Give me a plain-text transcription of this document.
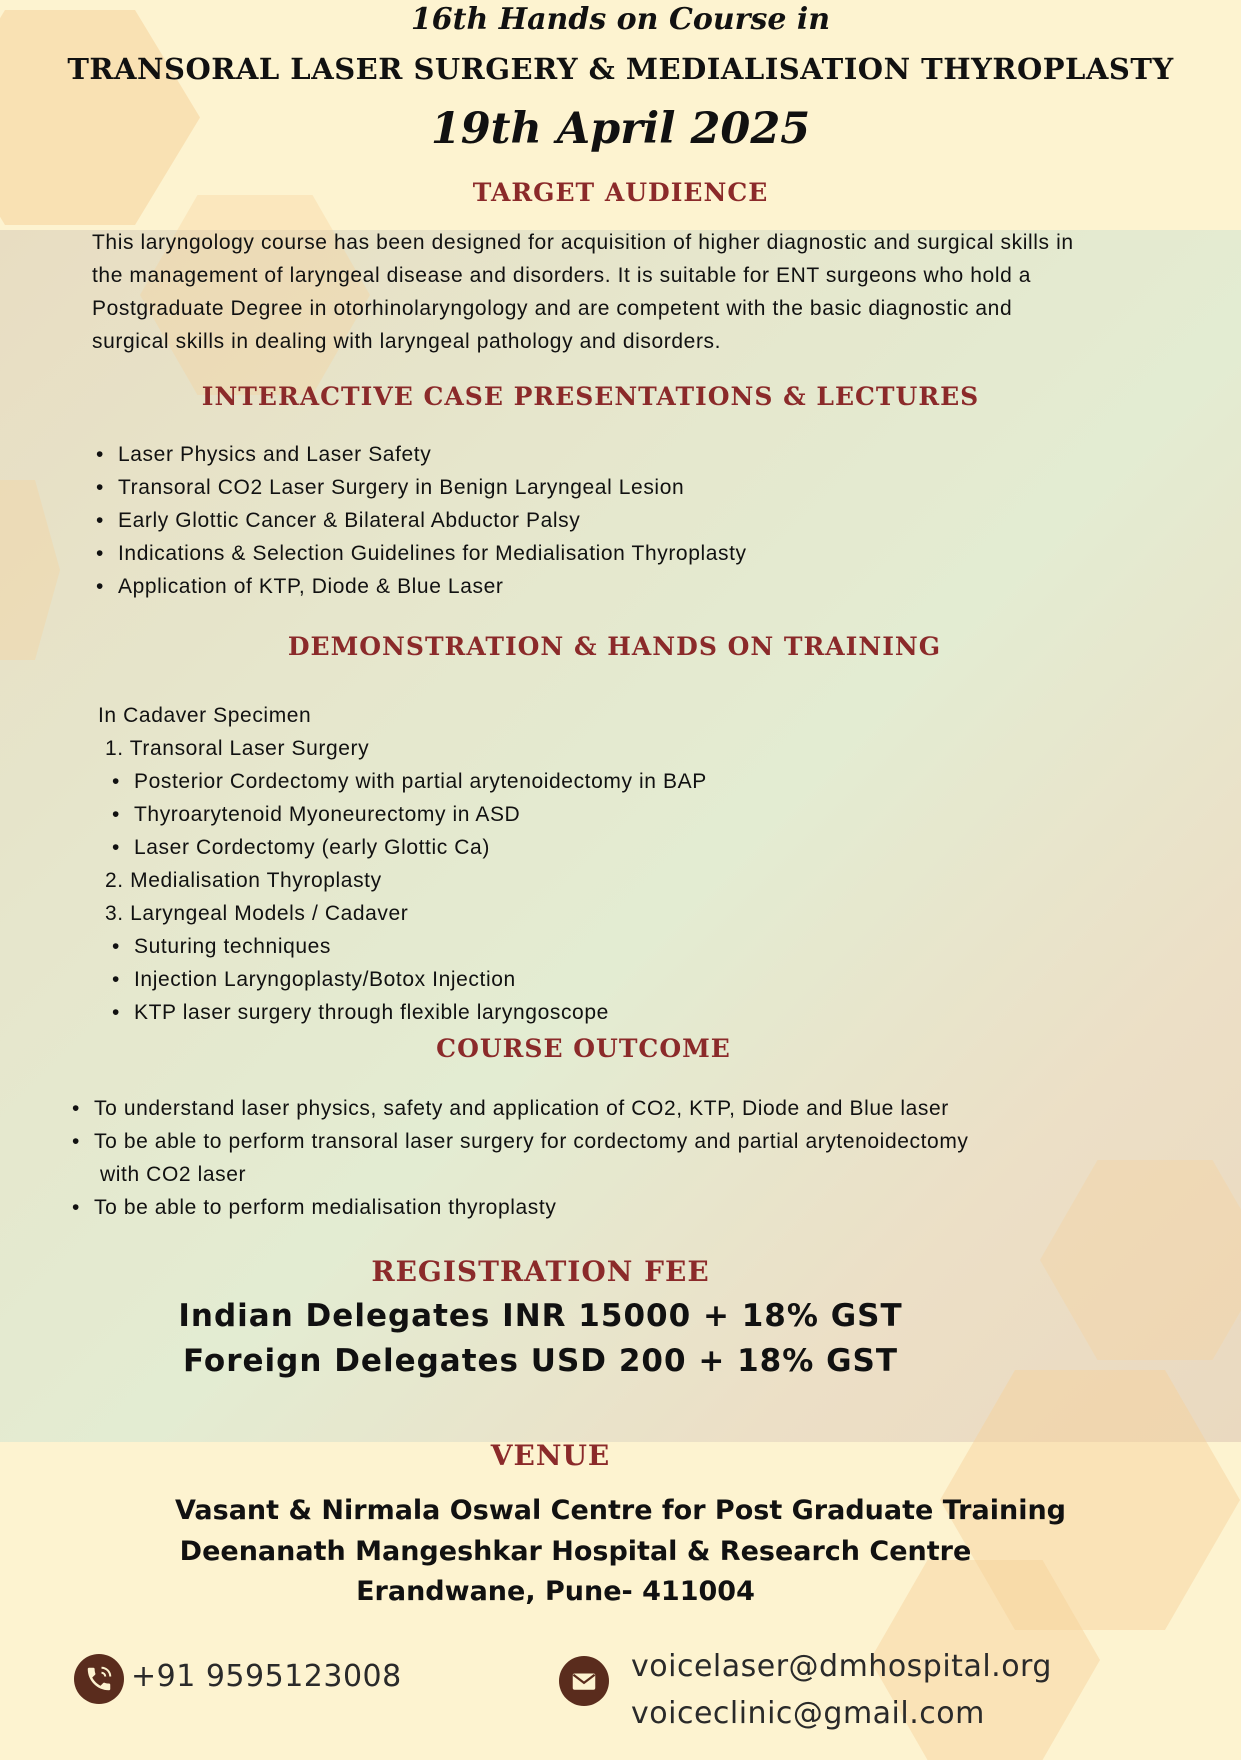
16th Hands on Course in
TRANSORAL LASER SURGERY & MEDIALISATION THYROPLASTY
19th April 2025
TARGET AUDIENCE
This laryngology course has been designed for acquisition of higher diagnostic and surgical skills in
the management of laryngeal disease and disorders. It is suitable for ENT surgeons who hold a
Postgraduate Degree in otorhinolaryngology and are competent with the basic diagnostic and
surgical skills in dealing with laryngeal pathology and disorders.
INTERACTIVE CASE PRESENTATIONS & LECTURES
• Laser Physics and Laser Safety
• Transoral CO2 Laser Surgery in Benign Laryngeal Lesion
• Early Glottic Cancer & Bilateral Abductor Palsy
• Indications & Selection Guidelines for Medialisation Thyroplasty
• Application of KTP, Diode & Blue Laser
DEMONSTRATION & HANDS ON TRAINING
In Cadaver Specimen
1. Transoral Laser Surgery
• Posterior Cordectomy with partial arytenoidectomy in BAP
• Thyroarytenoid Myoneurectomy in ASD
• Laser Cordectomy (early Glottic Ca)
2. Medialisation Thyroplasty
3. Laryngeal Models / Cadaver
• Suturing techniques
• Injection Laryngoplasty/Botox Injection
• KTP laser surgery through flexible laryngoscope
COURSE OUTCOME
• To understand laser physics, safety and application of CO2, KTP, Diode and Blue laser
• To be able to perform transoral laser surgery for cordectomy and partial arytenoidectomy
with CO2 laser
• To be able to perform medialisation thyroplasty
REGISTRATION FEE
Indian Delegates INR 15000 + 18% GST
Foreign Delegates USD 200 + 18% GST
VENUE
Vasant & Nirmala Oswal Centre for Post Graduate Training
Deenanath Mangeshkar Hospital & Research Centre
Erandwane, Pune- 411004
+91 9595123008	voicelaser@dmhospital.org
voiceclinic@gmail.com
